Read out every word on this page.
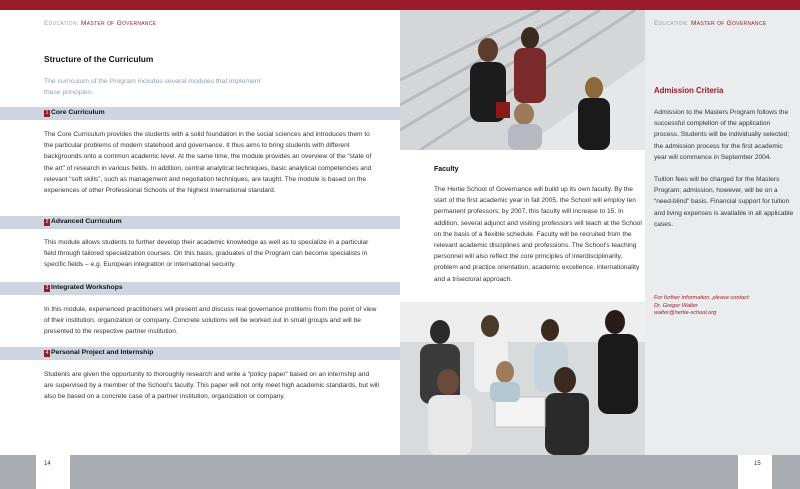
Education: Master of Governance
Structure of the Curriculum
The curriculum of the Program includes several modules that implement these principles:
1 Core Curriculum
The Core Curriculum provides the students with a solid foundation in the social sciences and introduces them to the particular problems of modern statehood and governance. It thus aims to bring students with different backgrounds onto a common academic level. At the same time, the module provides an overview of the “state of the art” of research in various fields. In addition, central analytical techniques, basic analytical competencies and relevant “soft skills”, such as management and negotiation techniques, are taught. The module is based on the experiences of other Professional Schools of the highest international standard.
2 Advanced Curriculum
This module allows students to further develop their academic knowledge as well as to specialize in a particular field through tailored specialization courses. On this basis, graduates of the Program can become specialists in specific fields – e.g. European integration or international security.
3 Integrated Workshops
In this module, experienced practitioners will present and discuss real governance problems from the point of view of their institution, organization or company. Concrete solutions will be worked out in small groups and will be presented to the respective partner institution.
4 Personal Project and Internship
Students are given the opportunity to thoroughly research and write a “policy paper” based on an internship and are supervised by a member of the School’s faculty. This paper will not only meet high academic standards, but will also be based on a concrete case of a partner institution, organization or company.
Faculty
The Hertie School of Governance will build up its own faculty. By the start of the first academic year in fall 2005, the School will employ ten permanent professors; by 2007, this faculty will increase to 15. In addition, several adjunct and visiting professors will teach at the School on the basis of a flexible schedule. Faculty will be recruited from the relevant academic disciplines and professions. The School’s teaching personnel will also reflect the core principles of interdisciplinarity, problem and practice orientation, academic excellence, internationality and a trisectoral approach.
Education: Master of Governance
Admission Criteria

Admission to the Masters Program follows the successful completion of the application process. Students will be individually selected; the admission process for the first academic year will commence in September 2004.

Tuition fees will be charged for the Masters Program; admission, however, will be on a “need-blind” basis. Financial support for tuition and living expenses is available in all applicable cases.

For further information, please contact:
Dr. Gregor Walter
walter@hertie-school.org
14	15
